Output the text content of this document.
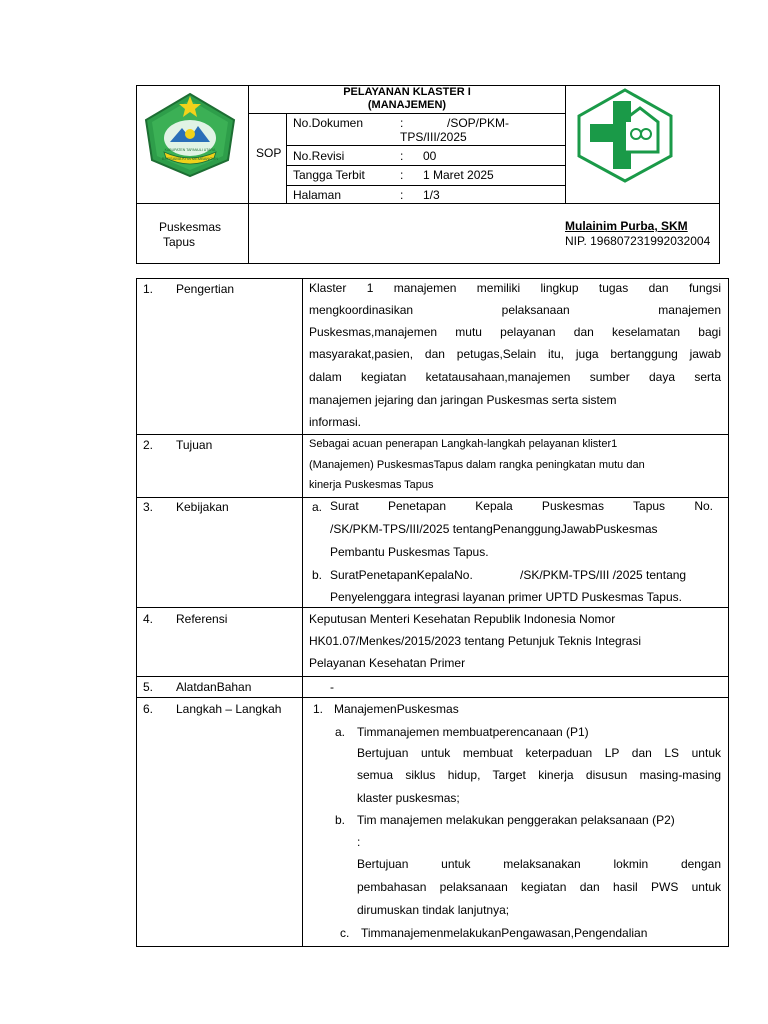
BERSAMA KITA MEMBANGUN
KABUPATEN TAPANULI UTARA
PELAYANAN KLASTER I
(MANAJEMEN)
SOP
No.Dokumen	:	/SOP/PKM-
TPS/III/2025
No.Revisi	: 00
Tangga Terbit	: 1 Maret 2025
Halaman	: 1/3
Puskesmas
Tapus
Mulainim Purba, SKM
NIP. 196807231992032004
1. Pengertian	Klaster 1 manajemen memiliki lingkup tugas dan fungsi
mengkoordinasikan pelaksanaan manajemen
Puskesmas,manajemen mutu pelayanan dan keselamatan bagi
masyarakat,pasien, dan petugas,Selain itu, juga bertanggung jawab
dalam kegiatan ketatausahaan,manajemen sumber daya serta
manajemen jejaring dan jaringan Puskesmas serta sistem
informasi.
2. Tujuan	Sebagai acuan penerapan Langkah-langkah pelayanan klister1
(Manajemen) PuskesmasTapus dalam rangka peningkatan mutu dan
kinerja Puskesmas Tapus
3. Kebijakan	a. Surat Penetapan Kepala Puskesmas Tapus No.
/SK/PKM-TPS/III/2025 tentangPenanggungJawabPuskesmas
Pembantu Puskesmas Tapus.
b. SuratPenetapanKepalaNo.	/SK/PKM-TPS/III /2025 tentang
Penyelenggara integrasi layanan primer UPTD Puskesmas Tapus.
4. Referensi	Keputusan Menteri Kesehatan Republik Indonesia Nomor
HK01.07/Menkes/2015/2023 tentang Petunjuk Teknis Integrasi
Pelayanan Kesehatan Primer
5. AlatdanBahan	-
6. Langkah – Langkah	1. ManajemenPuskesmas
a. Timmanajemen membuatperencanaan (P1)
Bertujuan untuk membuat keterpaduan LP dan LS untuk
semua siklus hidup, Target kinerja disusun masing-masing
klaster puskesmas;
b. Tim manajemen melakukan penggerakan pelaksanaan (P2)
:
Bertujuan untuk melaksanakan lokmin dengan
pembahasan pelaksanaan kegiatan dan hasil PWS untuk
dirumuskan tindak lanjutnya;
c. TimmanajemenmelakukanPengawasan,Pengendalian
